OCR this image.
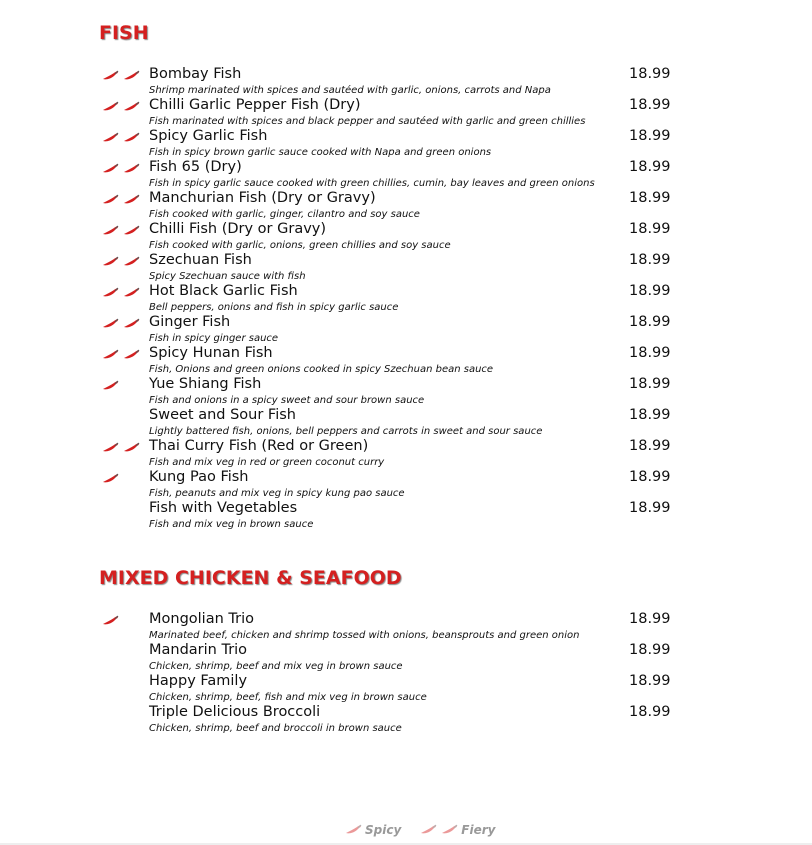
FISH
Bombay Fish
Shrimp marinated with spices and sautéed with garlic, onions, carrots and Napa
18.99
Chilli Garlic Pepper Fish (Dry)
Fish marinated with spices and black pepper and sautéed with garlic and green chillies
18.99
Spicy Garlic Fish
Fish in spicy brown garlic sauce cooked with Napa and green onions
18.99
Fish 65 (Dry)
Fish in spicy garlic sauce cooked with green chillies, cumin, bay leaves and green onions
18.99
Manchurian Fish (Dry or Gravy)
Fish cooked with garlic, ginger, cilantro and soy sauce
18.99
Chilli Fish (Dry or Gravy)
Fish cooked with garlic, onions, green chillies and soy sauce
18.99
Szechuan Fish
Spicy Szechuan sauce with fish
18.99
Hot Black Garlic Fish
Bell peppers, onions and fish in spicy garlic sauce
18.99
Ginger Fish
Fish in spicy ginger sauce
18.99
Spicy Hunan Fish
Fish, Onions and green onions cooked in spicy Szechuan bean sauce
18.99
Yue Shiang Fish
Fish and onions in a spicy sweet and sour brown sauce
18.99
Sweet and Sour Fish
Lightly battered fish, onions, bell peppers and carrots in sweet and sour sauce
18.99
Thai Curry Fish (Red or Green)
Fish and mix veg in red or green coconut curry
18.99
Kung Pao Fish
Fish, peanuts and mix veg in spicy kung pao sauce
18.99
Fish with Vegetables
Fish and mix veg in brown sauce
18.99
MIXED CHICKEN & SEAFOOD
Mongolian Trio
Marinated beef, chicken and shrimp tossed with onions, beansprouts and green onion
18.99
Mandarin Trio
Chicken, shrimp, beef and mix veg in brown sauce
18.99
Happy Family
Chicken, shrimp, beef, fish and mix veg in brown sauce
18.99
Triple Delicious Broccoli
Chicken, shrimp, beef and broccoli in brown sauce
18.99
Spicy	Fiery
